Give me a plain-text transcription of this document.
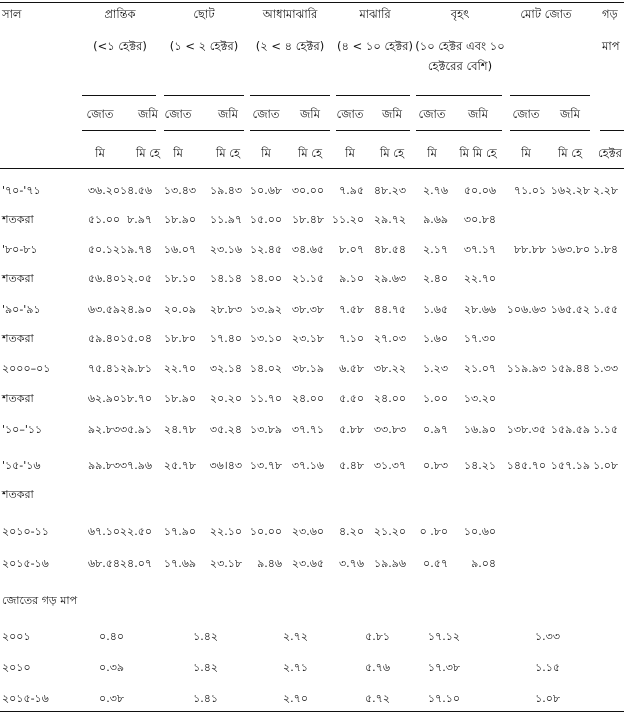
সাল	প্রান্তিক
(<১ হেক্টর)
ছোট
(১ < ২ হেক্টর)
আধামাঝারি
(২ < ৪ হেক্টর)
মাঝারি
(৪ < ১০ হেক্টর)
বৃহৎ
(১০ হেক্টর এবং ১০
হেক্টরের বেশি)
মোট জোত	গড়
মাপ
জোত	জমি
মি	মি হে
জোত	জমি
মি	মি হে
জোত	জমি
মি	মি হে
জোত	জমি
মি	মি হে
জোত	জমি
মি	মি মি হে
জোত	জমি
মি	মি হে	হেক্টর
'৭০-'৭১	৩৬.২০ ১৪.৫৬	১৩.৪৩	১৯.৪৩ ১০.৬৮ ৩০.০০	৭.৯৫ ৪৮.২৩	২.৭৬	৫০.০৬	৭১.০১ ১৬২.২৮ ২.২৮
শতকরা	৫১.০০ ৮.৯৭	১৮.৯০	১১.৯৭ ১৫.০০ ১৮.৪৮ ১১.২০ ২৯.৭২	৯.৬৯	৩০.৮৪
'৮০-৮১	৫০.১২ ১৯.৭৪	১৬.০৭	২৩.১৬ ১২.৪৫ ৩৪.৬৫	৮.০৭ ৪৮.৫৪	২.১৭	৩৭.১৭	৮৮.৮৮ ১৬৩.৮০ ১.৮৪
শতকরা	৫৬.৪০ ১২.০৫	১৮.১০	১৪.১৪ ১৪.০০ ২১.১৫	৯.১০ ২৯.৬৩	২.৪০	২২.৭০
'৯০-'৯১	৬৩.৫৯ ২৪.৯০	২০.০৯	২৮.৮৩ ১৩.৯২ ৩৮.৩৮	৭.৫৮ ৪৪.৭৫	১.৬৫	২৮.৬৬ ১০৬.৬৩ ১৬৫.৫২ ১.৫৫
শতকরা	৫৯.৪০ ১৫.০৪	১৮.৮০	১৭.৪০ ১৩.১০ ২৩.১৮	৭.১০ ২৭.০৩	১.৬০	১৭.৩০
২০০০–০১	৭৫.৪১ ২৯.৮১	২২.৭০	৩২.১৪ ১৪.০২ ৩৮.১৯	৬.৫৮ ৩৮.২২	১.২৩	২১.০৭ ১১৯.৯৩ ১৫৯.৪৪ ১.৩৩
শতকরা	৬২.৯০ ১৮.৭০	১৮.৯০	২০.২০ ১১.৭০ ২৪.০০	৫.৫০ ২৪.০০	১.০০	১৩.২০
'১০–'১১	৯২.৮৩ ৩৫.৯১	২৪.৭৮	৩৫.২৪ ১৩.৮৯ ৩৭.৭১	৫.৮৮ ৩৩.৮৩	০.৯৭	১৬.৯০ ১৩৮.৩৫ ১৫৯.৫৯ ১.১৫
'১৫-'১৬	৯৯.৮৩ ৩৭.৯৬	২৫.৭৮	৩৬।৪৩ ১৩.৭৮ ৩৭.১৬	৫.৪৮ ৩১.৩৭	০.৮৩	১৪.২১ ১৪৫.৭০ ১৫৭.১৯ ১.০৮
শতকরা
২০১০-১১	৬৭.১০ ২২.৫০	১৭.৯০	২২.১০ ১০.০০ ২৩.৬০	৪.২০ ২১.২০	০ .৮০	১০.৬০
২০১৫-১৬	৬৮.৫৪ ২৪.০৭	১৭.৬৯	২৩.১৮	৯.৪৬ ২৩.৬৫	৩.৭৬ ১৯.৯৬	০.৫৭	৯.০৪
জোতের গড় মাপ
২০০১	০.৪০	১.৪২	২.৭২	৫.৮১	১৭.১২	১.৩৩
২০১০	০.৩৯	১.৪২	২.৭১	৫.৭৬	১৭.৩৮	১.১৫
২০১৫-১৬	০.৩৮	১.৪১	২.৭০	৫.৭২	১৭.১০	১.০৮
